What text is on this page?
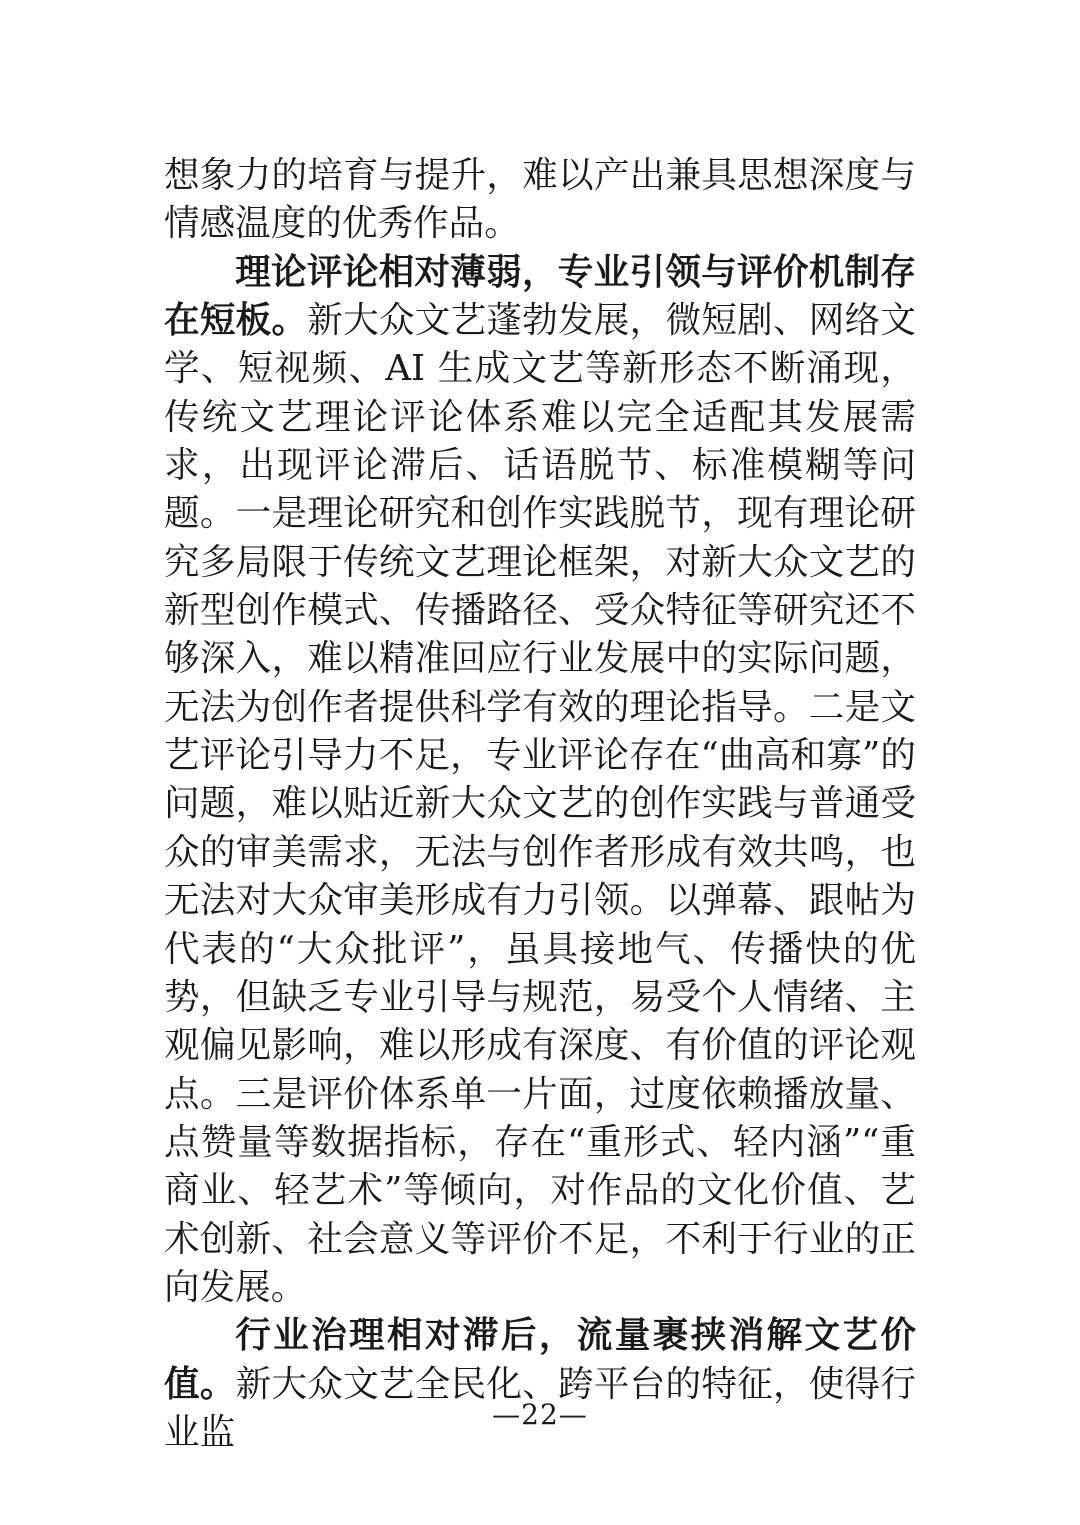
想象力的培育与提升，难以产出兼具思想深度与情感温度的优秀作品。

理论评论相对薄弱，专业引领与评价机制存在短板。新大众文艺蓬勃发展，微短剧、网络文学、短视频、AI 生成文艺等新形态不断涌现，传统文艺理论评论体系难以完全适配其发展需求，出现评论滞后、话语脱节、标准模糊等问题。一是理论研究和创作实践脱节，现有理论研究多局限于传统文艺理论框架，对新大众文艺的新型创作模式、传播路径、受众特征等研究还不够深入，难以精准回应行业发展中的实际问题，无法为创作者提供科学有效的理论指导。二是文艺评论引导力不足，专业评论存在“曲高和寡”的问题，难以贴近新大众文艺的创作实践与普通受众的审美需求，无法与创作者形成有效共鸣，也无法对大众审美形成有力引领。以弹幕、跟帖为代表的“大众批评”，虽具接地气、传播快的优势，但缺乏专业引导与规范，易受个人情绪、主观偏见影响，难以形成有深度、有价值的评论观点。三是评价体系单一片面，过度依赖播放量、点赞量等数据指标，存在“重形式、轻内涵”“重商业、轻艺术”等倾向，对作品的文化价值、艺术创新、社会意义等评价不足，不利于行业的正向发展。

行业治理相对滞后，流量裹挟消解文艺价值。新大众文艺全民化、跨平台的特征，使得行业监	—22—
